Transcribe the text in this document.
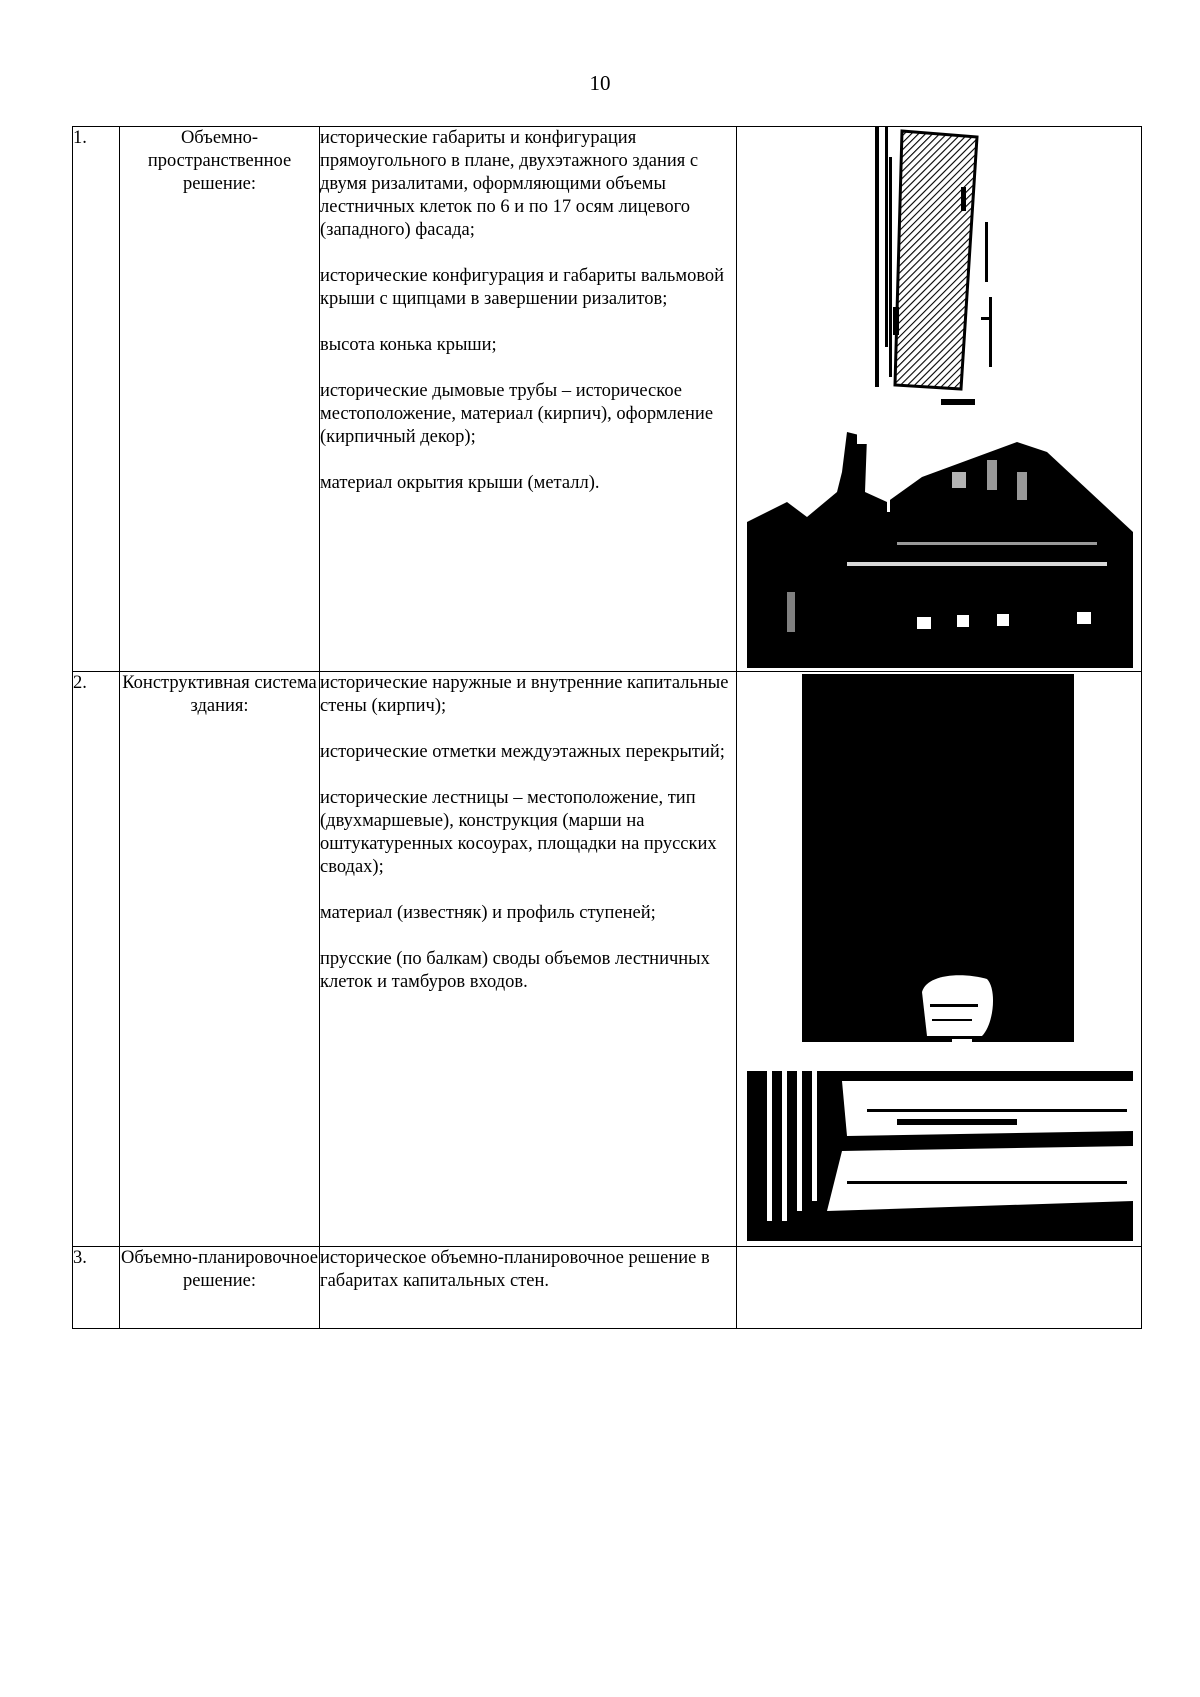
10
1.	Объемно-пространственное решение:	исторические габариты и конфигурация прямоугольного в плане, двухэтажного здания с двумя ризалитами, оформляющими объемы лестничных клеток по 6 и по 17 осям лицевого (западного) фасада;

исторические конфигурация и габариты вальмовой крыши с щипцами в завершении ризалитов;

высота конька крыши;

исторические дымовые трубы – историческое местоположение, материал (кирпич), оформление (кирпичный декор);

материал окрытия крыши (металл).

2.	Конструктивная система здания:	исторические наружные и внутренние капитальные стены (кирпич);

исторические отметки междуэтажных перекрытий;

исторические лестницы – местоположение, тип (двухмаршевые), конструкция (марши на оштукатуренных косоурах, площадки на прусских сводах);

материал (известняк) и профиль ступеней;

прусские (по балкам) своды объемов лестничных клеток и тамбуров входов.

3.	Объемно-планировочное решение:	историческое объемно-планировочное решение в габаритах капитальных стен.	
